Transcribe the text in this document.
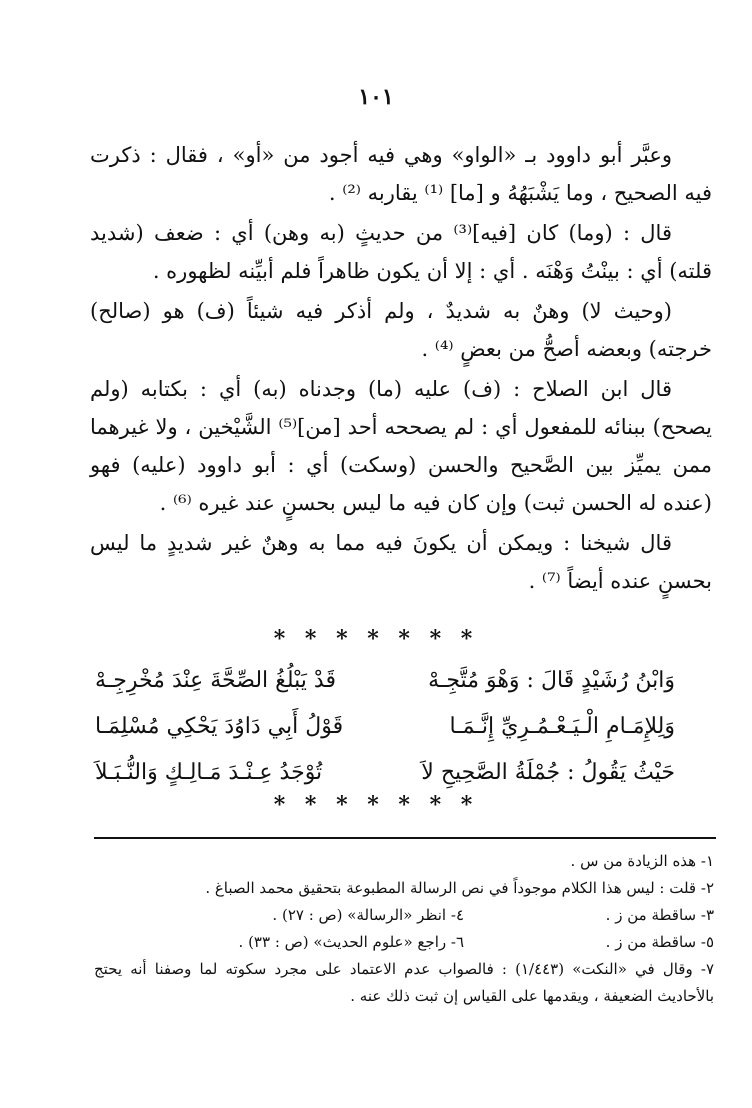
١٠١

وعبَّر أبو داوود بـ «الواو» وهي فيه أجود من «أو» ، فقال : ذكرت فيه الصحيح ، وما يَشْبَهُهُ و [ما] ⁽¹⁾ يقاربه ⁽²⁾ .

قال : (وما) كان [فيه]⁽³⁾ من حديثٍ (به وهن) أي : ضعف (شديد قلته) أي : بينْتُ وَهْنَه . أي : إلا أن يكون ظاهراً فلم أبيِّنه لظهوره .

(وحيث لا) وهنٌ به شديدٌ ، ولم أذكر فيه شيئاً (ف) هو (صالح) خرجته) وبعضه أصحُّ من بعضٍ ⁽⁴⁾ .

قال ابن الصلاح : (ف) عليه (ما) وجدناه (به) أي : بكتابه (ولم يصحح) ببنائه للمفعول أي : لم يصححه أحد [من]⁽⁵⁾ الشَّيْخين ، ولا غيرهما ممن يميِّز بين الصَّحيح والحسن (وسكت) أي : أبو داوود (عليه) فهو (عنده له الحسن ثبت) وإن كان فيه ما ليس بحسنٍ عند غيره ⁽⁶⁾ .

قال شيخنا : ويمكن أن يكونَ فيه مما به وهنٌ غير شديدٍ ما ليس بحسنٍ عنده أيضاً ⁽⁷⁾ .

* * * * * * *
وَابْنُ رُشَيْدٍ قَالَ : وَهْوَ مُتَّجِـهْ
قَدْ يَبْلُغُ الصِّحَّةَ عِنْدَ مُخْرِجِـهْ
وَلِلإِمَـامِ الْـيَـعْـمُـرِيِّ إِنَّـمَـا
قَوْلُ أَبِي دَاوُدَ يَحْكِي مُسْلِمَـا
حَيْثُ يَقُولُ : جُمْلَةُ الصَّحِيحِ لاَ
تُوْجَدُ عِـنْـدَ مَـالِـكٍ وَالنُّـبَـلاَ
* * * * * * *

١- هذه الزيادة من س .

٢- قلت : ليس هذا الكلام موجوداً في نص الرسالة المطبوعة بتحقيق محمد الصباغ .

٣- ساقطة من ز .
٤- انظر «الرسالة» (ص : ٢٧) .
٥- ساقطة من ز .
٦- راجع «علوم الحديث» (ص : ٣٣) .

٧- وقال في «النكت» (١/٤٤٣) : فالصواب عدم الاعتماد على مجرد سكوته لما وصفنا أنه يحتج بالأحاديث الضعيفة ، ويقدمها على القياس إن ثبت ذلك عنه .
